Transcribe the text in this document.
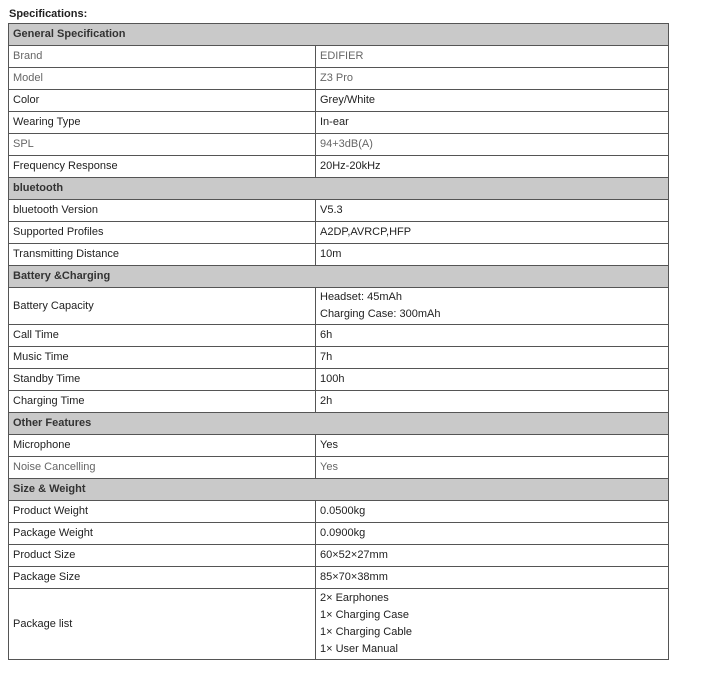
Specifications:
General Specification	
Brand	EDIFIER

Model	Z3 Pro

Color	Grey/White

Wearing Type	In-ear

SPL	94+3dB(A)

Frequency Response	20Hz-20kHz

bluetooth	
bluetooth Version	V5.3

Supported Profiles	A2DP,AVRCP,HFP

Transmitting Distance	10m

Battery &Charging	
Battery Capacity	Headset: 45mAh
Charging Case: 300mAh

Call Time	6h

Music Time	7h

Standby Time	100h

Charging Time	2h

Other Features	
Microphone	Yes

Noise Cancelling	Yes

Size & Weight	
Product Weight	0.0500kg

Package Weight	0.0900kg

Product Size	60×52×27mm

Package Size	85×70×38mm

Package list	2× Earphones
1× Charging Case
1× Charging Cable
1× User Manual
